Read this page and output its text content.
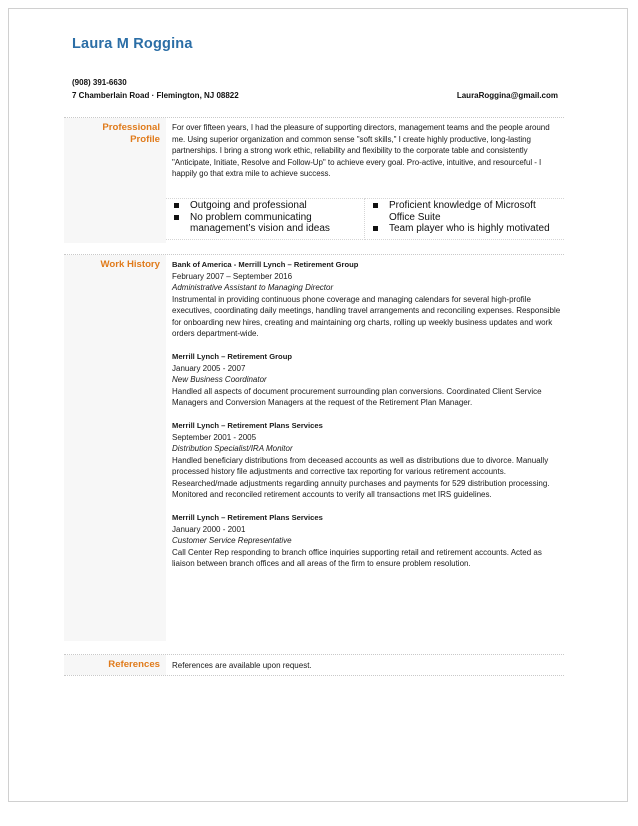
Laura M Roggina
(908) 391-6630
7 Chamberlain Road · Flemington, NJ 08822	LauraRoggina@gmail.com
Professional
Profile
For over fifteen years, I had the pleasure of supporting directors, management teams and the people around me. Using superior organization and common sense "soft skills," I create highly productive, long-lasting partnerships. I bring a strong work ethic, reliability and flexibility to the corporate table and consistently "Anticipate, Initiate, Resolve and Follow-Up" to achieve every goal. Pro-active, intuitive, and resourceful - I happily go that extra mile to achieve success.
Outgoing and professional
No problem communicating management’s vision and ideas
Proficient knowledge of Microsoft Office Suite
Team player who is highly motivated
Work History Bank of America - Merrill Lynch – Retirement Group
February 2007 – September 2016
Administrative Assistant to Managing Director
Instrumental in providing continuous phone coverage and managing calendars for several high-profile executives, coordinating daily meetings, handling travel arrangements and reconciling expenses. Responsible for onboarding new hires, creating and maintaining org charts, rolling up weekly business updates and work orders department-wide.
Merrill Lynch – Retirement Group
January 2005 - 2007
New Business Coordinator
Handled all aspects of document procurement surrounding plan conversions. Coordinated Client Service Managers and Conversion Managers at the request of the Retirement Plan Manager.
Merrill Lynch – Retirement Plans Services
September 2001 - 2005
Distribution Specialist/IRA Monitor
Handled beneficiary distributions from deceased accounts as well as distributions due to divorce. Manually processed history file adjustments and corrective tax reporting for various retirement accounts. Researched/made adjustments regarding annuity purchases and payments for 529 distribution processing. Monitored and reconciled retirement accounts to verify all transactions met IRS guidelines.
Merrill Lynch – Retirement Plans Services
January 2000 - 2001
Customer Service Representative
Call Center Rep responding to branch office inquiries supporting retail and retirement accounts. Acted as liaison between branch offices and all areas of the firm to ensure problem resolution.
References References are available upon request.
